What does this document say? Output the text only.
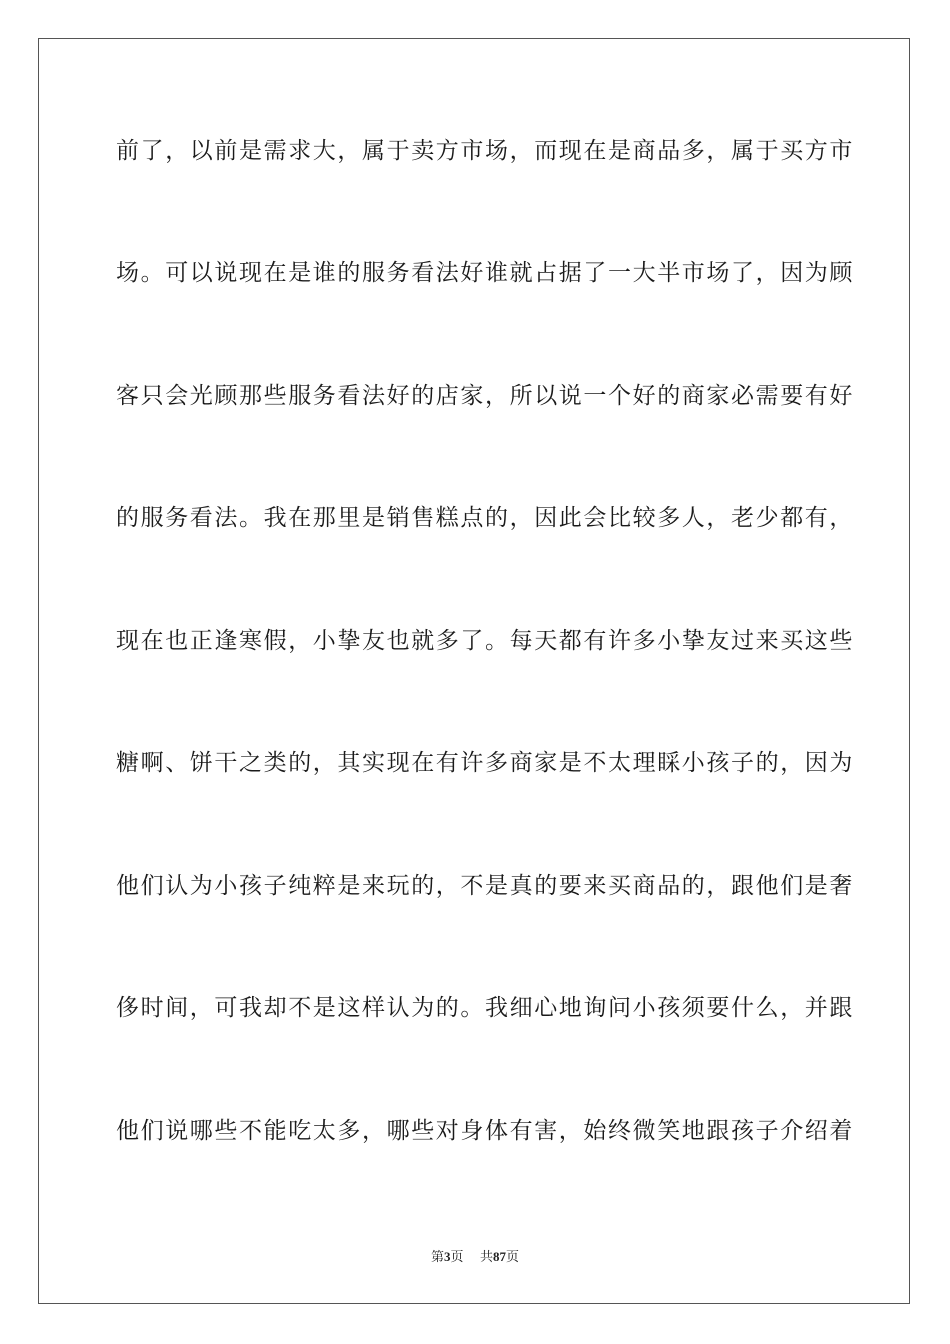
前了，以前是需求大，属于卖方市场，而现在是商品多，属于买方市
场。可以说现在是谁的服务看法好谁就占据了一大半市场了，因为顾
客只会光顾那些服务看法好的店家，所以说一个好的商家必需要有好
的服务看法。我在那里是销售糕点的，因此会比较多人，老少都有，
现在也正逢寒假，小挚友也就多了。每天都有许多小挚友过来买这些
糖啊、饼干之类的，其实现在有许多商家是不太理睬小孩子的，因为
他们认为小孩子纯粹是来玩的，不是真的要来买商品的，跟他们是奢
侈时间，可我却不是这样认为的。我细心地询问小孩须要什么，并跟
他们说哪些不能吃太多，哪些对身体有害，始终微笑地跟孩子介绍着
第3页 共87页
